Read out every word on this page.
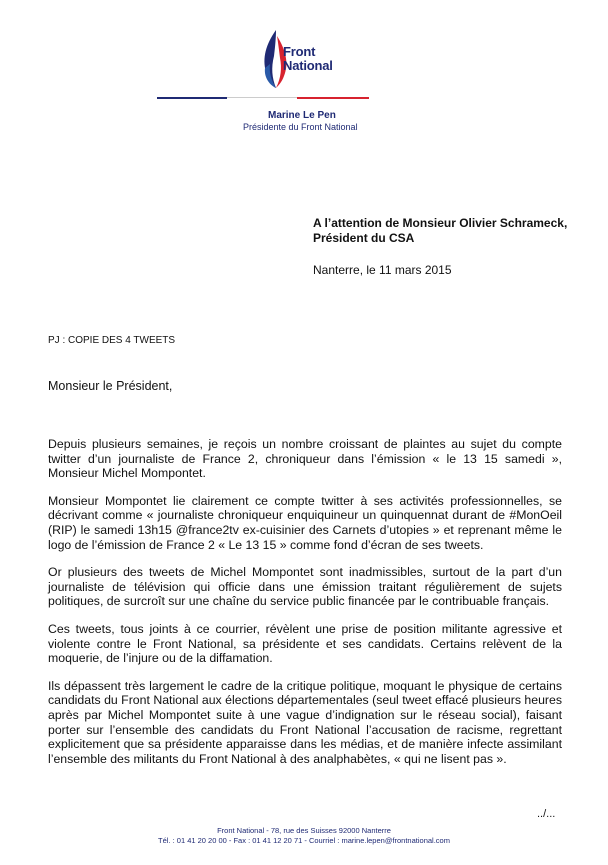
Front
National
Marine Le Pen
Présidente du Front National
A l’attention de Monsieur Olivier Schrameck,
Président du CSA
Nanterre, le 11 mars 2015
PJ : COPIE DES 4 TWEETS
Monsieur le Président,

Depuis plusieurs semaines, je reçois un nombre croissant de plaintes au sujet du compte twitter d’un journaliste de France 2, chroniqueur dans l’émission « le 13 15 samedi », Monsieur Michel Mompontet.

Monsieur Mompontet lie clairement ce compte twitter à ses activités professionnelles, se décrivant comme « journaliste chroniqueur enquiquineur un quinquennat durant de #MonOeil (RIP) le samedi 13h15 @france2tv ex-cuisinier des Carnets d’utopies » et reprenant même le logo de l’émission de France 2 « Le 13 15 » comme fond d’écran de ses tweets.

Or plusieurs des tweets de Michel Mompontet sont inadmissibles, surtout de la part d’un journaliste de télévision qui officie dans une émission traitant régulièrement de sujets politiques, de surcroît sur une chaîne du service public financée par le contribuable français.

Ces tweets, tous joints à ce courrier, révèlent une prise de position militante agressive et violente contre le Front National, sa présidente et ses candidats. Certains relèvent de la moquerie, de l’injure ou de la diffamation.

Ils dépassent très largement le cadre de la critique politique, moquant le physique de certains candidats du Front National aux élections départementales (seul tweet effacé plusieurs heures après par Michel Mompontet suite à une vague d’indignation sur le réseau social), faisant porter sur l’ensemble des candidats du Front National l’accusation de racisme, regrettant explicitement que sa présidente apparaisse dans les médias, et de manière infecte assimilant l’ensemble des militants du Front National à des analphabètes, « qui ne lisent pas ».

../...
Front National - 78, rue des Suisses 92000 Nanterre
Tél. : 01 41 20 20 00 - Fax : 01 41 12 20 71 - Courriel : marine.lepen@frontnational.com
